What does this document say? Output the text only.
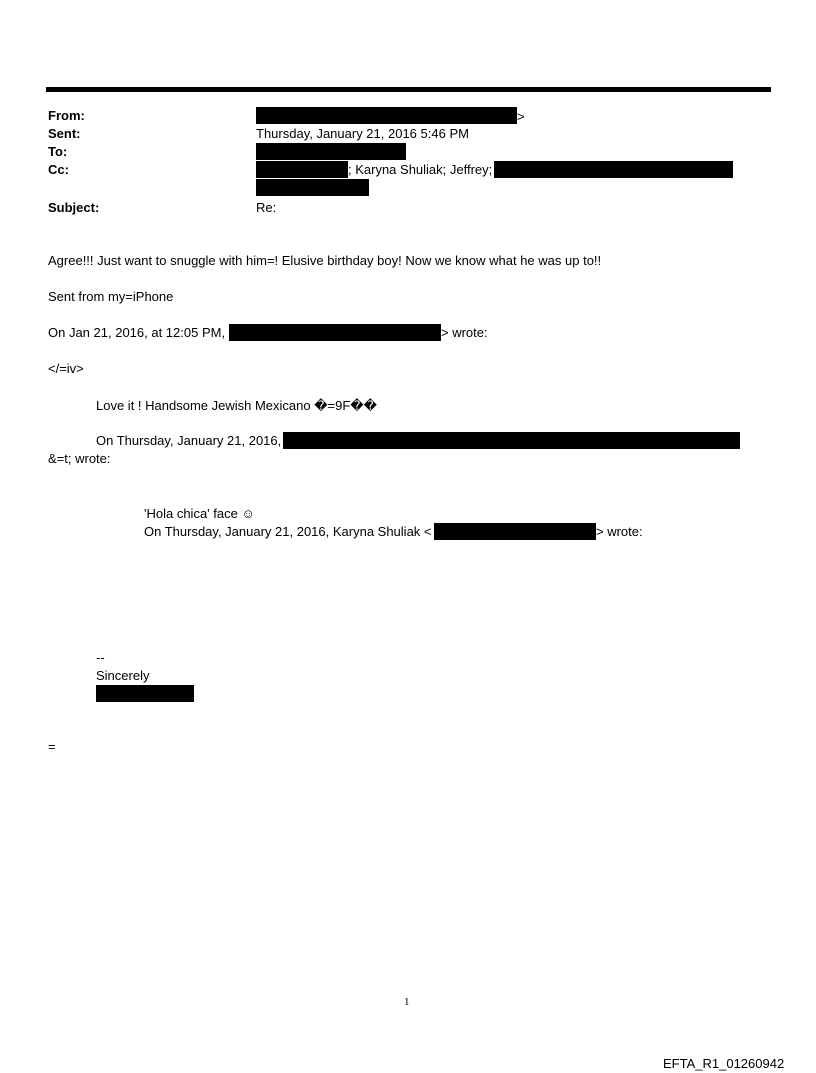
From:	>
Sent:	Thursday, January 21, 2016 5:46 PM
To:
Cc:	; Karyna Shuliak; Jeffrey;
Subject:	Re:
Agree!!! Just want to snuggle with him=! Elusive birthday boy! Now we know what he was up to!!
Sent from my=iPhone
On Jan 21, 2016, at 12:05 PM,	> wrote:
</=iv>
Love it ! Handsome Jewish Mexicano �=9F��
On Thursday, January 21, 2016,
&=t; wrote:
'Hola chica' face ☺
On Thursday, January 21, 2016, Karyna Shuliak <	> wrote:
--
Sincerely
=
1
EFTA_R1_01260942
